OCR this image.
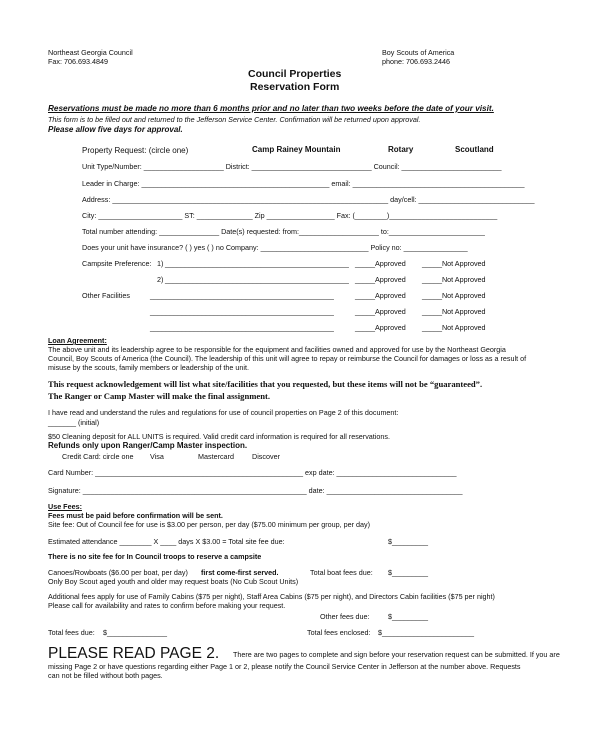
Northeast Georgia Council
Fax: 706.693.4849
Boy Scouts of America
phone: 706.693.2446
Council Properties
Reservation Form
Reservations must be made no more than 6 months prior and no later than two weeks before the date of your visit.
This form is to be filled out and returned to the Jefferson Service Center. Confirmation will be returned upon approval.
Please allow five days for approval.
Property Request: (circle one)	Camp Rainey Mountain	Rotary	Scoutland
Unit Type/Number: ____________________ District: ______________________________ Council: _________________________
Leader in Charge: _______________________________________________ email: ___________________________________________
Address: _____________________________________________________________________ day/cell: _____________________________
City: _____________________ ST: ______________ Zip _________________ Fax: (________)___________________________
Total number attending: _______________ Date(s) requested: from:____________________ to:________________________
Does your unit have insurance? ( ) yes ( ) no Company: ___________________________ Policy no: ________________
Campsite Preference: 1) ______________________________________________ _____Approved _____Not Approved
2) ______________________________________________ _____Approved _____Not Approved
Other Facilities	______________________________________________	_____Approved _____Not Approved
______________________________________________	_____Approved _____Not Approved
______________________________________________	_____Approved _____Not Approved
Loan Agreement:
The above unit and its leadership agree to be responsible for the equipment and facilities owned and approved for use by the Northeast Georgia
Council, Boy Scouts of America (the Council). The leadership of this unit will agree to repay or reimburse the Council for damages or loss as a result of
misuse by the scouts, family members or leadership of the unit.
This request acknowledgement will list what site/facilities that you requested, but these items will not be “guaranteed”.
The Ranger or Camp Master will make the final assignment.
I have read and understand the rules and regulations for use of council properties on Page 2 of this document:
_______ (initial)
$50 Cleaning deposit for ALL UNITS is required. Valid credit card information is required for all reservations.
Refunds only upon Ranger/Camp Master inspection.
Credit Card: circle one Visa	Mastercard	Discover
Card Number: ____________________________________________________ exp date: ______________________________
Signature: ________________________________________________________ date: __________________________________
Use Fees:
Fees must be paid before confirmation will be sent.
Site fee: Out of Council fee for use is $3.00 per person, per day ($75.00 minimum per group, per day)
Estimated attendance ________ X ____ days X $3.00 = Total site fee due:	$_________
There is no site fee for In Council troops to reserve a campsite
Canoes/Rowboats ($6.00 per boat, per day) first come-first served.	Total boat fees due: $_________
Only Boy Scout aged youth and older may request boats (No Cub Scout Units)
Additional fees apply for use of Family Cabins ($75 per night), Staff Area Cabins ($75 per night), and Directors Cabin facilities ($75 per night)
Please call for availability and rates to confirm before making your request.
Other fees due:	$_________
Total fees due: $_______________	Total fees enclosed: $_______________________
PLEASE READ PAGE 2. There are two pages to complete and sign before your reservation request can be submitted. If you are
missing Page 2 or have questions regarding either Page 1 or 2, please notify the Council Service Center in Jefferson at the number above. Requests
can not be filled without both pages.
